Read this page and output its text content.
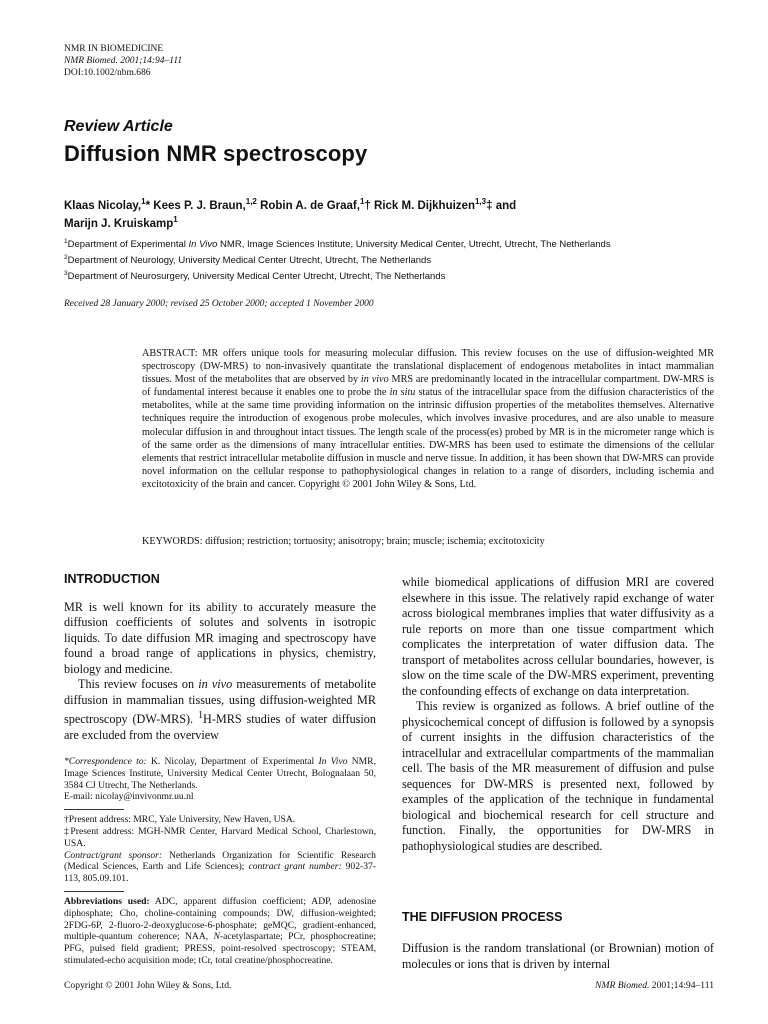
NMR IN BIOMEDICINE
NMR Biomed. 2001;14:94–111
DOI:10.1002/nbm.686
Review Article
Diffusion NMR spectroscopy
Klaas Nicolay,$^1$* Kees P. J. Braun,$^{1,2}$ Robin A. de Graaf,$^1$† Rick M. Dijkhuizen$^{1,3}$‡ and
Marijn J. Kruiskamp$^1$
$^1$Department of Experimental In Vivo NMR, Image Sciences Institute, University Medical Center, Utrecht, Utrecht, The Netherlands
$^2$Department of Neurology, University Medical Center Utrecht, Utrecht, The Netherlands
$^3$Department of Neurosurgery, University Medical Center Utrecht, Utrecht, The Netherlands
Received 28 January 2000; revised 25 October 2000; accepted 1 November 2000
ABSTRACT: MR offers unique tools for measuring molecular diffusion. This review focuses on the use of diffusion-weighted MR spectroscopy (DW-MRS) to non-invasively quantitate the translational displacement of endogenous metabolites in intact mammalian tissues. Most of the metabolites that are observed by in vivo MRS are predominantly located in the intracellular compartment. DW-MRS is of fundamental interest because it enables one to probe the in situ status of the intracellular space from the diffusion characteristics of the metabolites, while at the same time providing information on the intrinsic diffusion properties of the metabolites themselves. Alternative techniques require the introduction of exogenous probe molecules, which involves invasive procedures, and are also unable to measure molecular diffusion in and throughout intact tissues. The length scale of the process(es) probed by MR is in the micrometer range which is of the same order as the dimensions of many intracellular entities. DW-MRS has been used to estimate the dimensions of the cellular elements that restrict intracellular metabolite diffusion in muscle and nerve tissue. In addition, it has been shown that DW-MRS can provide novel information on the cellular response to pathophysiological changes in relation to a range of disorders, including ischemia and excitotoxicity of the brain and cancer. Copyright © 2001 John Wiley & Sons, Ltd.
KEYWORDS: diffusion; restriction; tortuosity; anisotropy; brain; muscle; ischemia; excitotoxicity

INTRODUCTION

MR is well known for its ability to accurately measure the diffusion coefficients of solutes and solvents in isotropic liquids. To date diffusion MR imaging and spectroscopy have found a broad range of applications in physics, chemistry, biology and medicine.

This review focuses on in vivo measurements of metabolite diffusion in mammalian tissues, using diffusion-weighted MR spectroscopy (DW-MRS). $^1$H-MRS studies of water diffusion are excluded from the overview

*Correspondence to: K. Nicolay, Department of Experimental In Vivo NMR, Image Sciences Institute, University Medical Center Utrecht, Bolognalaan 50, 3584 CJ Utrecht, The Netherlands.

E-mail: nicolay@invivonmr.uu.nl

†Present address: MRC, Yale University, New Haven, USA.

‡Present address: MGH-NMR Center, Harvard Medical School, Charlestown, USA.

Contract/grant sponsor: Netherlands Organization for Scientific Research (Medical Sciences, Earth and Life Sciences); contract grant number: 902-37-113, 805.09.101.

Abbreviations used: ADC, apparent diffusion coefficient; ADP, adenosine diphosphate; Cho, choline-containing compounds; DW, diffusion-weighted; 2FDG-6P, 2-fluoro-2-deoxyglucose-6-phosphate; geMQC, gradient-enhanced, multiple-quantum coherence; NAA, N-acetylaspartate; PCr, phosphocreatine; PFG, pulsed field gradient; PRESS, point-resolved spectroscopy; STEAM, stimulated-echo acquisition mode; tCr, total creatine/phosphocreatine.

while biomedical applications of diffusion MRI are covered elsewhere in this issue. The relatively rapid exchange of water across biological membranes implies that water diffusivity as a rule reports on more than one tissue compartment which complicates the interpretation of water diffusion data. The transport of metabolites across cellular boundaries, however, is slow on the time scale of the DW-MRS experiment, preventing the confounding effects of exchange on data interpretation.

This review is organized as follows. A brief outline of the physicochemical concept of diffusion is followed by a synopsis of current insights in the diffusion characteristics of the intracellular and extracellular compartments of the mammalian cell. The basis of the MR measurement of diffusion and pulse sequences for DW-MRS is presented next, followed by examples of the application of the technique in fundamental biological and biochemical research for cell structure and function. Finally, the opportunities for DW-MRS in pathophysiological studies are described.

THE DIFFUSION PROCESS
Diffusion is the random translational (or Brownian) motion of molecules or ions that is driven by internal
Copyright © 2001 John Wiley & Sons, Ltd.	NMR Biomed. 2001;14:94–111
